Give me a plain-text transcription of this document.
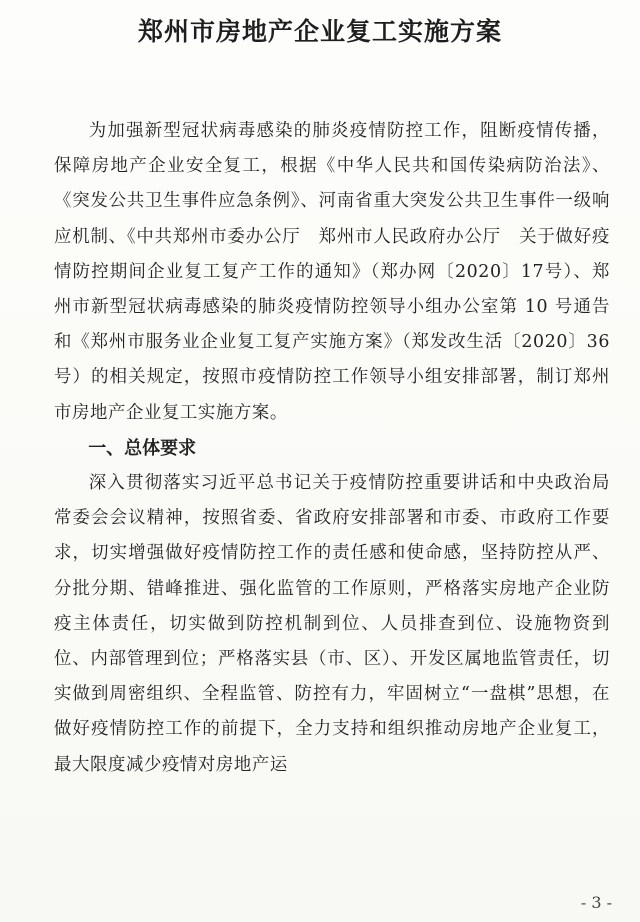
郑州市房地产企业复工实施方案

为加强新型冠状病毒感染的肺炎疫情防控工作，阻断疫情传播，保障房地产企业安全复工，根据《中华人民共和国传染病防治法》、《突发公共卫生事件应急条例》、河南省重大突发公共卫生事件一级响应机制、《中共郑州市委办公厅　郑州市人民政府办公厅　关于做好疫情防控期间企业复工复产工作的通知》（郑办网〔2020〕17号）、郑州市新型冠状病毒感染的肺炎疫情防控领导小组办公室第 10 号通告和《郑州市服务业企业复工复产实施方案》（郑发改生活〔2020〕36号）的相关规定，按照市疫情防控工作领导小组安排部署，制订郑州市房地产企业复工实施方案。

一、总体要求

深入贯彻落实习近平总书记关于疫情防控重要讲话和中央政治局常委会会议精神，按照省委、省政府安排部署和市委、市政府工作要求，切实增强做好疫情防控工作的责任感和使命感，坚持防控从严、分批分期、错峰推进、强化监管的工作原则，严格落实房地产企业防疫主体责任，切实做到防控机制到位、人员排查到位、设施物资到位、内部管理到位；严格落实县（市、区）、开发区属地监管责任，切实做到周密组织、全程监管、防控有力，牢固树立“一盘棋”思想，在做好疫情防控工作的前提下，全力支持和组织推动房地产企业复工，最大限度减少疫情对房地产运

- 3 -
